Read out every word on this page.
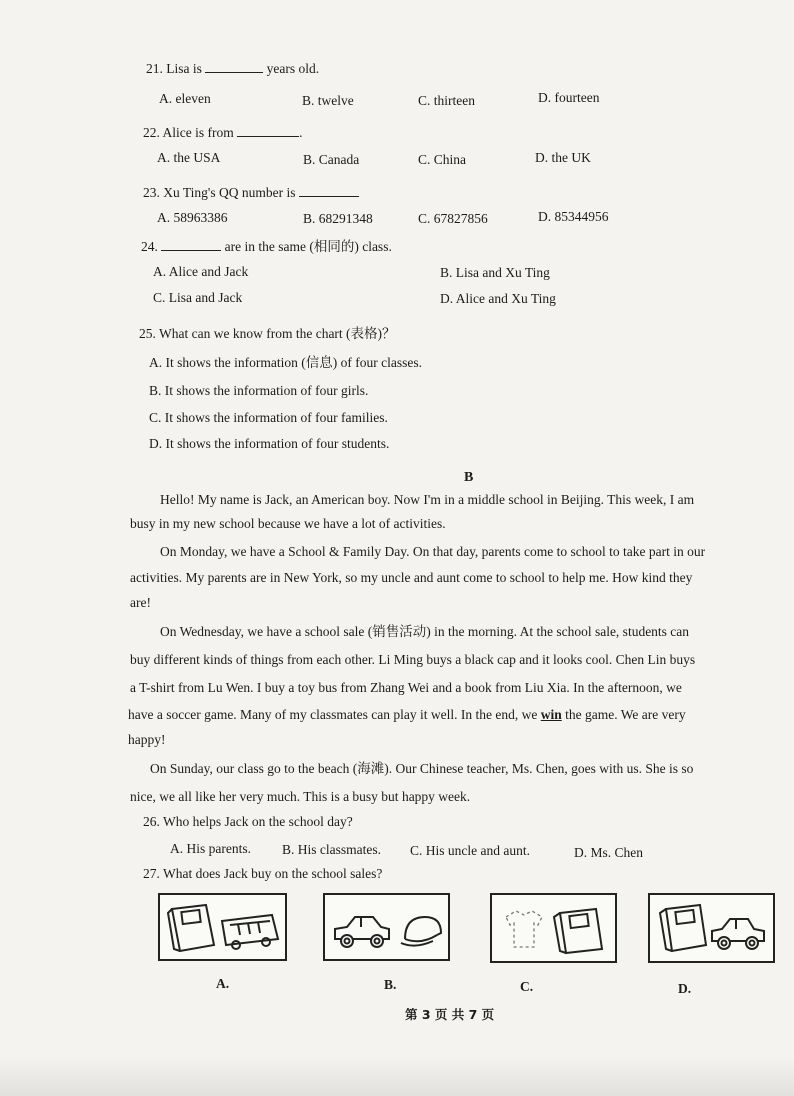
21. Lisa is	years old.
A. eleven	B. twelve	C. thirteen	D. fourteen
22. Alice is from	.
A. the USA	B. Canada	C. China	D. the UK
23. Xu Ting's QQ number is
A. 58963386	B. 68291348	C. 67827856	D. 85344956
24.	are in the same (相同的) class.
A. Alice and Jack	B. Lisa and Xu Ting
C. Lisa and Jack	D. Alice and Xu Ting
25. What can we know from the chart (表格)？
A. It shows the information (信息) of four classes.
B. It shows the information of four girls.
C. It shows the information of four families.
D. It shows the information of four students.
B
Hello! My name is Jack, an American boy. Now I'm in a middle school in Beijing. This week, I am
busy in my new school because we have a lot of activities.
On Monday, we have a School & Family Day. On that day, parents come to school to take part in our
activities. My parents are in New York, so my uncle and aunt come to school to help me. How kind they
are!
On Wednesday, we have a school sale (销售活动) in the morning. At the school sale, students can
buy different kinds of things from each other. Li Ming buys a black cap and it looks cool. Chen Lin buys
a T-shirt from Lu Wen. I buy a toy bus from Zhang Wei and a book from Liu Xia. In the afternoon, we
have a soccer game. Many of my classmates can play it well. In the end, we win the game. We are very
happy!
On Sunday, our class go to the beach (海滩). Our Chinese teacher, Ms. Chen, goes with us. She is so
nice, we all like her very much. This is a busy but happy week.
26. Who helps Jack on the school day?
A. His parents. B. His classmates. C. His uncle and aunt.	D. Ms. Chen
27. What does Jack buy on the school sales?
A.	B.	C.	D.
第 3 页 共 7 页
